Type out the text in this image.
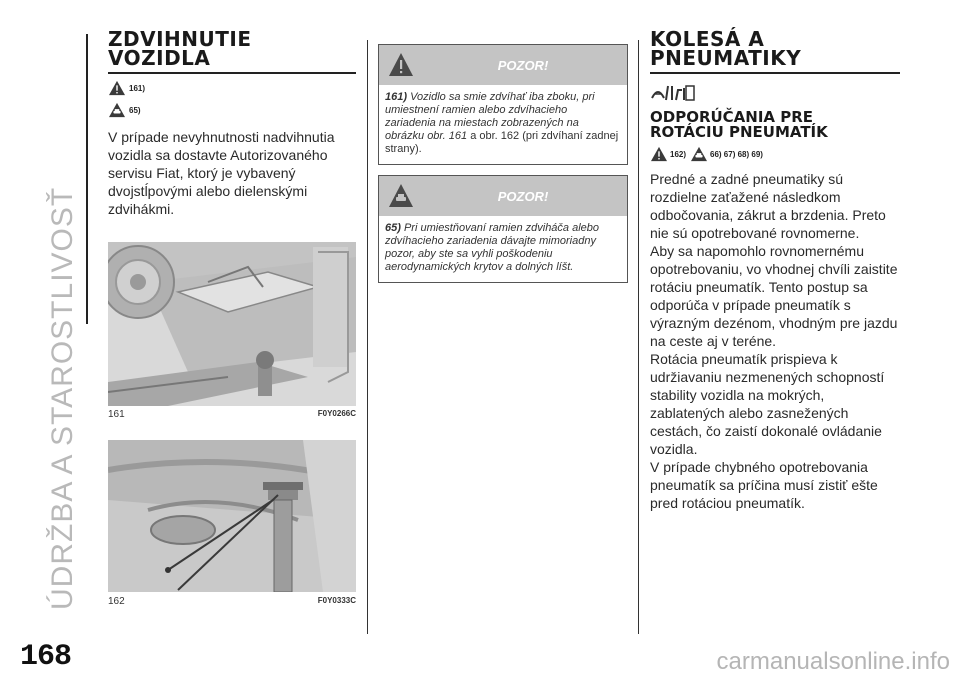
ÚDRŽBA A STAROSTLIVOSŤ
168	carmanualsonline.info
ZDVIHNUTIE
VOZIDLA
161)
65)

V prípade nevyhnutnosti nadvihnutia vozidla sa dostavte Autorizovaného servisu Fiat, ktorý je vybavený dvojstĺpovými alebo dielenskými zdvihákmi.

161	F0Y0266C
162	F0Y0333C
POZOR!
161) Vozidlo sa smie zdvíhať iba zboku, pri umiestnení ramien alebo zdvíhacieho zariadenia na miestach zobrazených na obrázku obr. 161 a obr. 162 (pri zdvíhaní zadnej strany).
POZOR!
65) Pri umiestňovaní ramien zdviháča alebo zdvíhacieho zariadenia dávajte mimoriadny pozor, aby ste sa vyhli poškodeniu aerodynamických krytov a dolných líšt.
KOLESÁ A
PNEUMATIKY
ODPORÚČANIA PRE
ROTÁCIU PNEUMATÍK
162)	66) 67) 68) 69)

Predné a zadné pneumatiky sú rozdielne zaťažené následkom odbočovania, zákrut a brzdenia. Preto nie sú opotrebované rovnomerne.

Aby sa napomohlo rovnomernému opotrebovaniu, vo vhodnej chvíli zaistite rotáciu pneumatík. Tento postup sa odporúča v prípade pneumatík s výrazným dezénom, vhodným pre jazdu na ceste aj v teréne.

Rotácia pneumatík prispieva k udržiavaniu nezmenených schopností stability vozidla na mokrých, zablatených alebo zasnežených cestách, čo zaistí dokonalé ovládanie vozidla.

V prípade chybného opotrebovania pneumatík sa príčina musí zistiť ešte pred rotáciou pneumatík.
